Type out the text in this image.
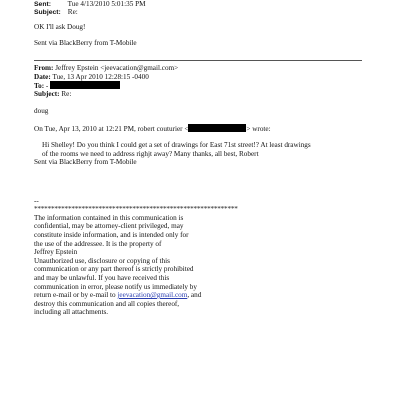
Sent: Tue 4/13/2010 5:01:35 PM
Subject: Re:
OK I'll ask Doug!
Sent via BlackBerry from T-Mobile
From: Jeffrey Epstein <jeevacation@gmail.com>
Date: Tue, 13 Apr 2010 12:28:15 -0400
To: -
Subject: Re:
doug
On Tue, Apr 13, 2010 at 12:21 PM, robert couturier <	> wrote:
Hi Shelley! Do you think I could get a set of drawings for East 71st street!? At least drawings
of the rooms we need to address righjt away? Many thanks, all best, Robert
Sent via BlackBerry from T-Mobile
--
************************************************************
The information contained in this communication is
confidential, may be attorney-client privileged, may
constitute inside information, and is intended only for
the use of the addressee. It is the property of
Jeffrey Epstein
Unauthorized use, disclosure or copying of this
communication or any part thereof is strictly prohibited
and may be unlawful. If you have received this
communication in error, please notify us immediately by
return e-mail or by e-mail to jeevacation@gmail.com, and
destroy this communication and all copies thereof,
including all attachments.
